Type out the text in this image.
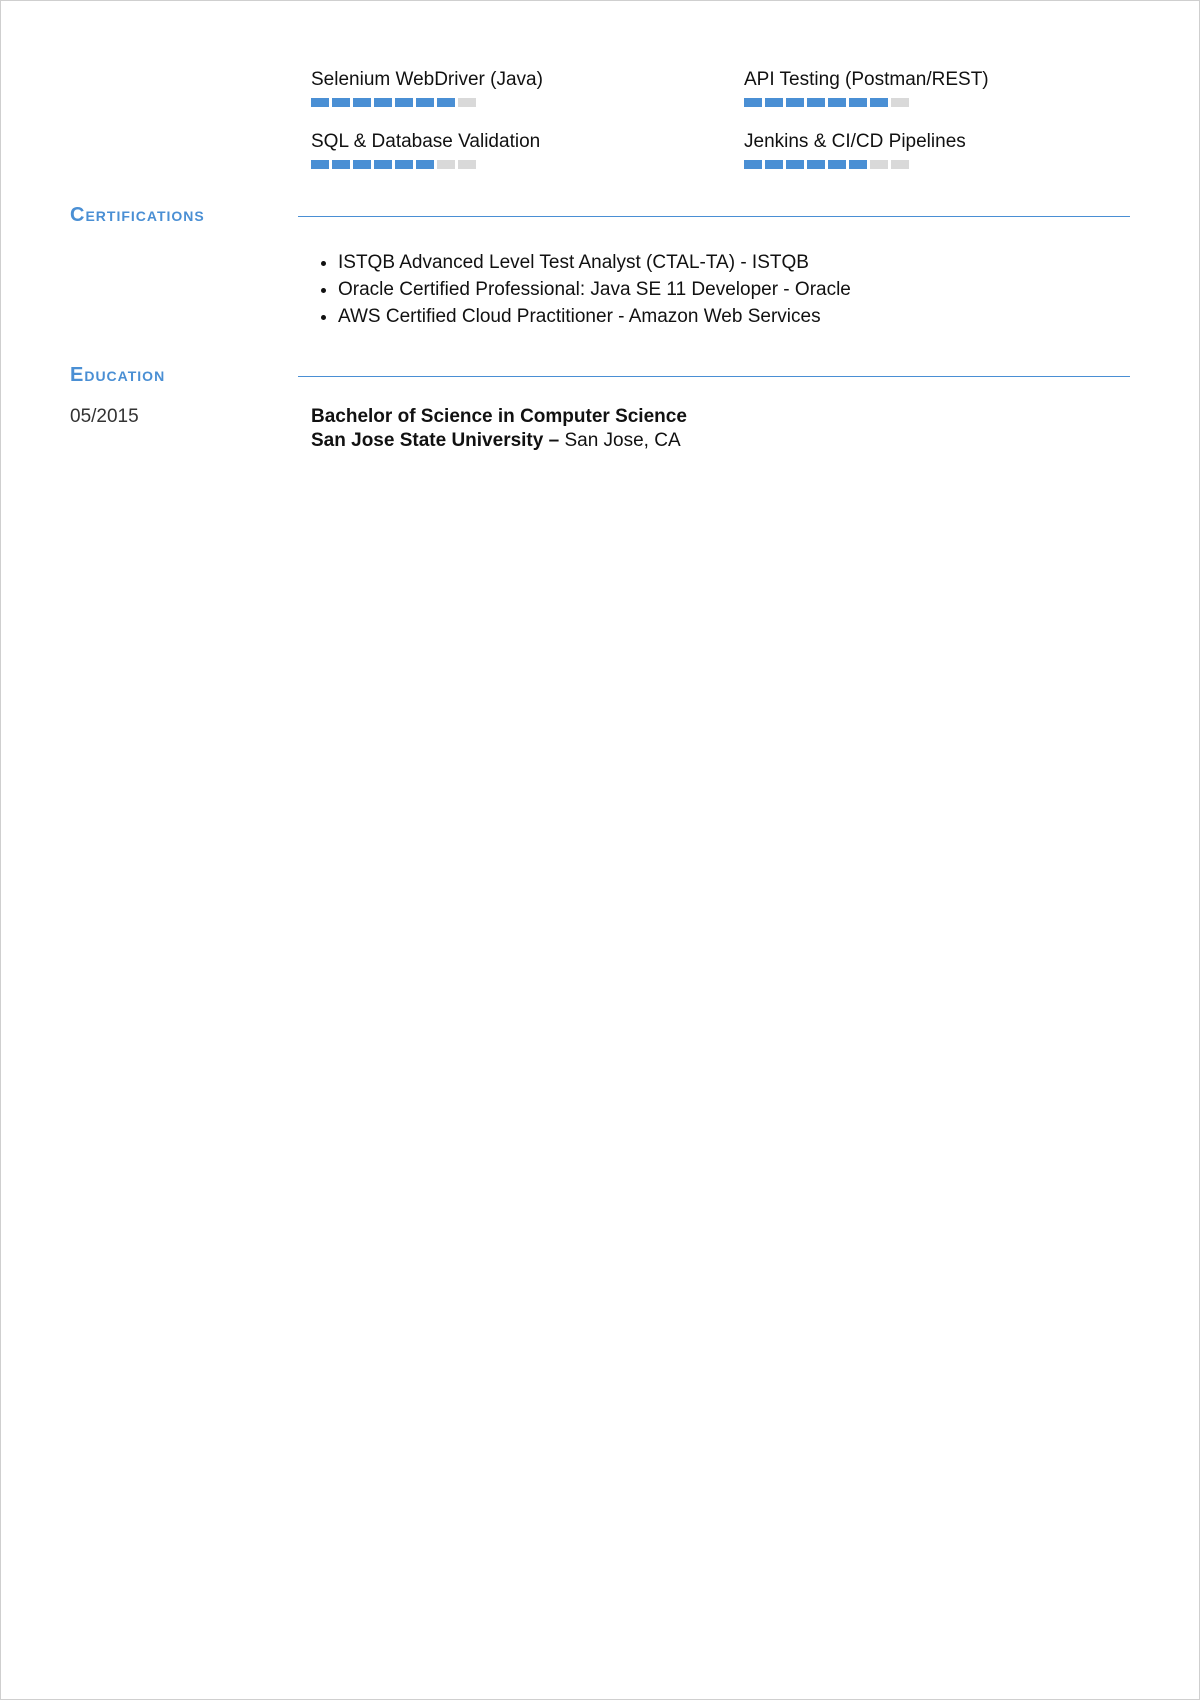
Selenium WebDriver (Java)	API Testing (Postman/REST)
SQL & Database Validation	Jenkins & CI/CD Pipelines
Certifications
• ISTQB Advanced Level Test Analyst (CTAL-TA) - ISTQB
• Oracle Certified Professional: Java SE 11 Developer - Oracle
• AWS Certified Cloud Practitioner - Amazon Web Services
Education
05/2015	Bachelor of Science in Computer Science
San Jose State University – San Jose, CA
